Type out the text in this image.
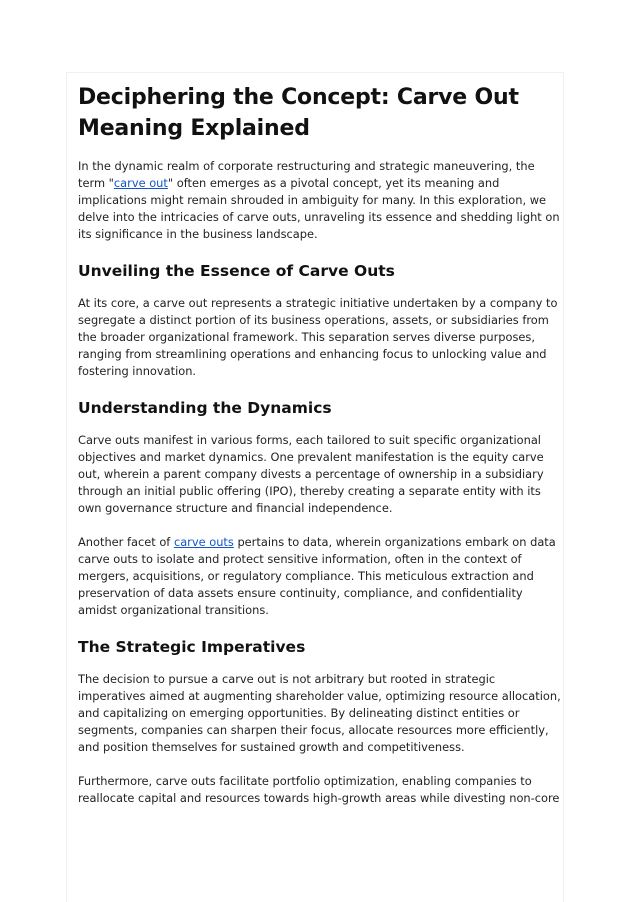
Deciphering the Concept: Carve Out Meaning Explained

In the dynamic realm of corporate restructuring and strategic maneuvering, the term "carve out" often emerges as a pivotal concept, yet its meaning and implications might remain shrouded in ambiguity for many. In this exploration, we delve into the intricacies of carve outs, unraveling its essence and shedding light on its significance in the business landscape.

Unveiling the Essence of Carve Outs

At its core, a carve out represents a strategic initiative undertaken by a company to segregate a distinct portion of its business operations, assets, or subsidiaries from the broader organizational framework. This separation serves diverse purposes, ranging from streamlining operations and enhancing focus to unlocking value and fostering innovation.

Understanding the Dynamics

Carve outs manifest in various forms, each tailored to suit specific organizational objectives and market dynamics. One prevalent manifestation is the equity carve out, wherein a parent company divests a percentage of ownership in a subsidiary through an initial public offering (IPO), thereby creating a separate entity with its own governance structure and financial independence.

Another facet of carve outs pertains to data, wherein organizations embark on data carve outs to isolate and protect sensitive information, often in the context of mergers, acquisitions, or regulatory compliance. This meticulous extraction and preservation of data assets ensure continuity, compliance, and confidentiality amidst organizational transitions.

The Strategic Imperatives

The decision to pursue a carve out is not arbitrary but rooted in strategic imperatives aimed at augmenting shareholder value, optimizing resource allocation, and capitalizing on emerging opportunities. By delineating distinct entities or segments, companies can sharpen their focus, allocate resources more efficiently, and position themselves for sustained growth and competitiveness.

Furthermore, carve outs facilitate portfolio optimization, enabling companies to reallocate capital and resources towards high-growth areas while divesting non-core
